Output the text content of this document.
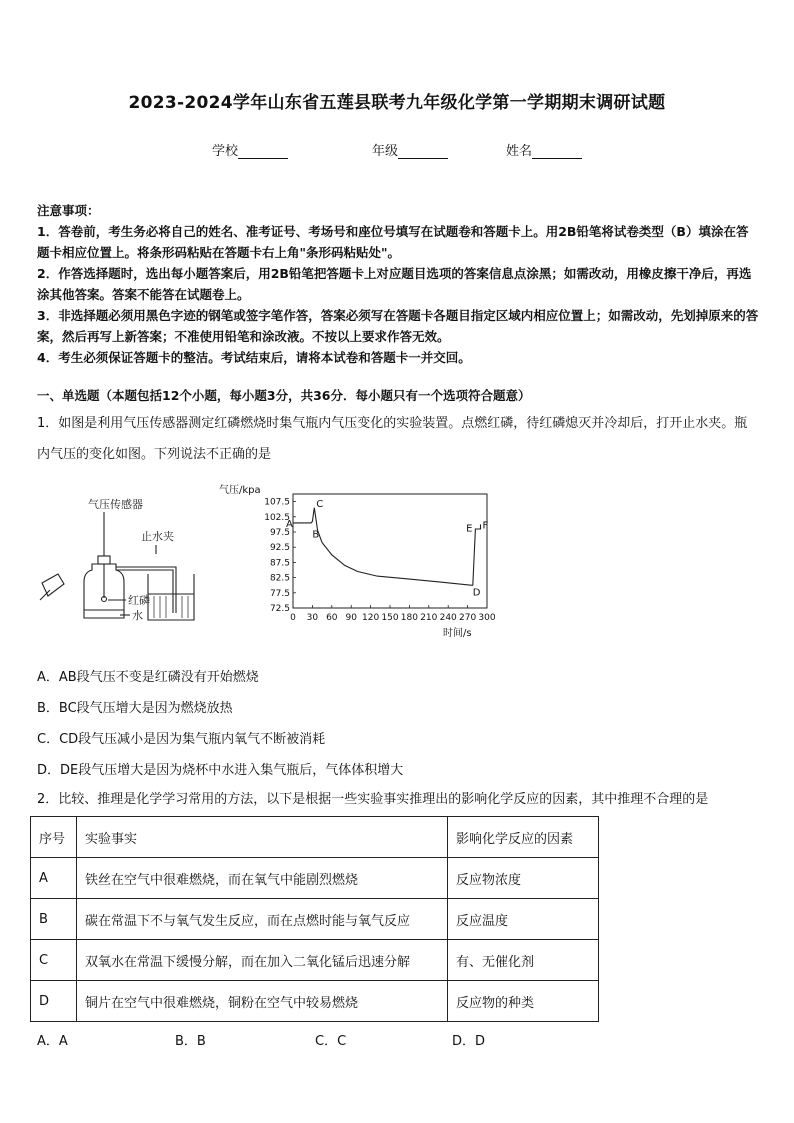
2023-2024学年山东省五莲县联考九年级化学第一学期期末调研试题
学校	年级	姓名
注意事项：

1．答卷前，考生务必将自己的姓名、准考证号、考场号和座位号填写在试题卷和答题卡上。用2B铅笔将试卷类型（B）填涂在答题卡相应位置上。将条形码粘贴在答题卡右上角"条形码粘贴处"。

2．作答选择题时，选出每小题答案后，用2B铅笔把答题卡上对应题目选项的答案信息点涂黑；如需改动，用橡皮擦干净后，再选涂其他答案。答案不能答在试题卷上。

3．非选择题必须用黑色字迹的钢笔或签字笔作答，答案必须写在答题卡各题目指定区域内相应位置上；如需改动，先划掉原来的答案，然后再写上新答案；不准使用铅笔和涂改液。不按以上要求作答无效。

4．考生必须保证答题卡的整洁。考试结束后，请将本试卷和答题卡一并交回。

一、单选题（本题包括12个小题，每小题3分，共36分．每小题只有一个选项符合题意）
1．如图是利用气压传感器测定红磷燃烧时集气瓶内气压变化的实验装置。点燃红磷，待红磷熄灭并冷却后，打开止水夹。瓶内气压的变化如图。下列说法不正确的是
气压传感器
止水夹
红磷
水
气压/kpa
时间/s
72.5
77.5
82.5
87.5
92.5
97.5
102.5
107.5
0 30 60 90 120 150 180 210 240 270 300
A
B
C
D
E F
A．AB段气压不变是红磷没有开始燃烧
B．BC段气压增大是因为燃烧放热
C．CD段气压减小是因为集气瓶内氧气不断被消耗
D．DE段气压增大是因为烧杯中水进入集气瓶后，气体体积增大
2．比较、推理是化学学习常用的方法，以下是根据一些实验事实推理出的影响化学反应的因素，其中推理不合理的是
序号	实验事实	影响化学反应的因素
A	铁丝在空气中很难燃烧，而在氧气中能剧烈燃烧	反应物浓度
B	碳在常温下不与氧气发生反应，而在点燃时能与氧气反应	反应温度
C	双氧水在常温下缓慢分解，而在加入二氧化锰后迅速分解	有、无催化剂
D	铜片在空气中很难燃烧，铜粉在空气中较易燃烧	反应物的种类
A．A	B．B	C．C	D．D
